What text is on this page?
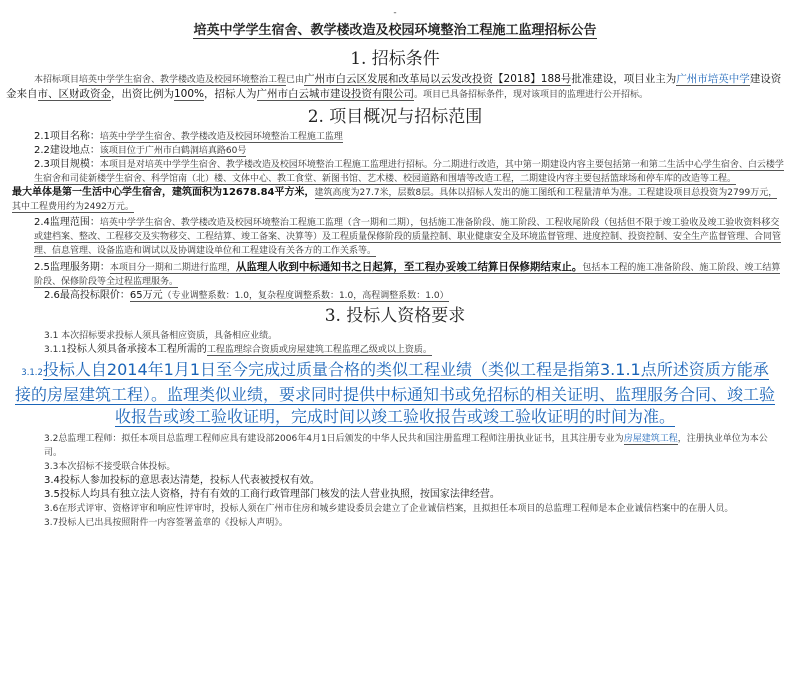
-
培英中学学生宿舍、教学楼改造及校园环境整治工程施工监理招标公告
1. 招标条件

本招标项目培英中学学生宿舍、教学楼改造及校园环境整治工程已由广州市白云区发展和改革局以云发改投资【2018】188号批准建设，项目业主为广州市培英中学建设资金来自市、区财政资金，出资比例为100%，招标人为广州市白云城市建设投资有限公司。项目已具备招标条件，现对该项目的监理进行公开招标。

2. 项目概况与招标范围

2.1项目名称：培英中学学生宿舍、教学楼改造及校园环境整治工程施工监理

2.2建设地点：该项目位于广州市白鹤洞培真路60号

2.3项目规模：本项目是对培英中学学生宿舍、教学楼改造及校园环境整治工程施工监理进行招标。分二期进行改造，其中第一期建设内容主要包括第一和第二生活中心学生宿舍、白云楼学生宿舍和司徒新楼学生宿舍、科学馆南（北）楼、文体中心、教工食堂、新图书馆、艺术楼、校园道路和围墙等改造工程，二期建设内容主要包括篮球场和停车库的改造等工程。

最大单体是第一生活中心学生宿舍，建筑面积为12678.84平方米，建筑高度为27.7米，层数8层。具体以招标人发出的施工图纸和工程量清单为准。工程建设项目总投资为2799万元，其中工程费用约为2492万元。

2.4监理范围：培英中学学生宿舍、教学楼改造及校园环境整治工程施工监理（含一期和二期），包括施工准备阶段、施工阶段、工程收尾阶段（包括但不限于竣工验收及竣工验收资料移交或建档案、整改、工程移交及实物移交、工程结算、竣工备案、决算等）及工程质量保修阶段的质量控制、职业健康安全及环境监督管理、进度控制、投资控制、安全生产监督管理、合同管理、信息管理、设备监造和调试以及协调建设单位和工程建设有关各方的工作关系等。

2.5监理服务期：本项目分一期和二期进行监理，从监理人收到中标通知书之日起算，至工程办妥竣工结算日保修期结束止。包括本工程的施工准备阶段、施工阶段、竣工结算阶段、保修阶段等全过程监理服务。

2.6最高投标限价：65万元（专业调整系数：1.0，复杂程度调整系数：1.0，高程调整系数：1.0）

3. 投标人资格要求

3.1 本次招标要求投标人须具备相应资质，具备相应业绩。

3.1.1投标人须具备承接本工程所需的工程监理综合资质或房屋建筑工程监理乙级或以上资质。

3.1.2投标人自2014年1月1日至今完成过质量合格的类似工程业绩（类似工程是指第3.1.1点所述资质方能承接的房屋建筑工程）。监理类似业绩，要求同时提供中标通知书或免招标的相关证明、监理服务合同、竣工验收报告或竣工验收证明，完成时间以竣工验收报告或竣工验收证明的时间为准。

3.2总监理工程师：拟任本项目总监理工程师应具有建设部2006年4月1日后颁发的中华人民共和国注册监理工程师注册执业证书，且其注册专业为房屋建筑工程，注册执业单位为本公司。

3.3本次招标不接受联合体投标。

3.4投标人参加投标的意思表达清楚，投标人代表被授权有效。

3.5投标人均具有独立法人资格，持有有效的工商行政管理部门核发的法人营业执照，按国家法律经营。

3.6在形式评审、资格评审和响应性评审时，投标人须在广州市住房和城乡建设委员会建立了企业诚信档案，且拟担任本项目的总监理工程师是本企业诚信档案中的在册人员。

3.7投标人已出具按照附件一内容签署盖章的《投标人声明》。
